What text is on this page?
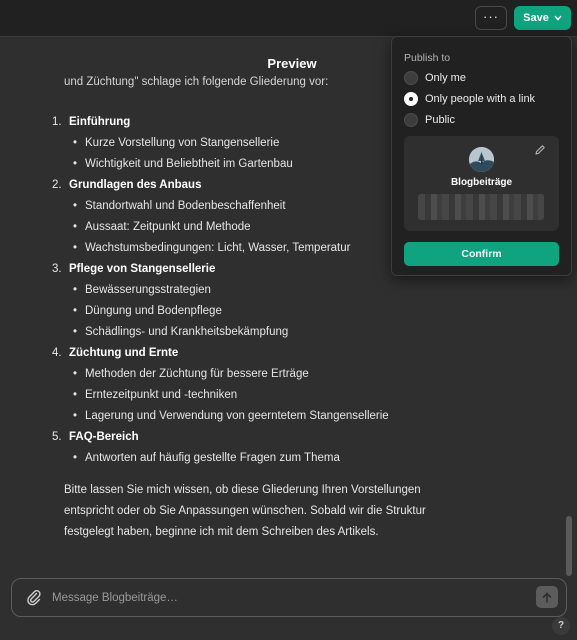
···	Save
Preview
und Züchtung" schlage ich folgende Gliederung vor:
1. Einführung
• Kurze Vorstellung von Stangensellerie
• Wichtigkeit und Beliebtheit im Gartenbau
2. Grundlagen des Anbaus
• Standortwahl und Bodenbeschaffenheit
• Aussaat: Zeitpunkt und Methode
• Wachstumsbedingungen: Licht, Wasser, Temperatur
3. Pflege von Stangensellerie
• Bewässerungsstrategien
• Düngung und Bodenpflege
• Schädlings- und Krankheitsbekämpfung
4. Züchtung und Ernte
• Methoden der Züchtung für bessere Erträge
• Erntezeitpunkt und -techniken
• Lagerung und Verwendung von geerntetem Stangensellerie
5. FAQ-Bereich
• Antworten auf häufig gestellte Fragen zum Thema
Bitte lassen Sie mich wissen, ob diese Gliederung Ihren Vorstellungen entspricht oder ob Sie Anpassungen wünschen. Sobald wir die Struktur festgelegt haben, beginne ich mit dem Schreiben des Artikels.
Message Blogbeiträge…
?
Publish to
Only me
Only people with a link
Public
Blogbeiträge
Confirm
